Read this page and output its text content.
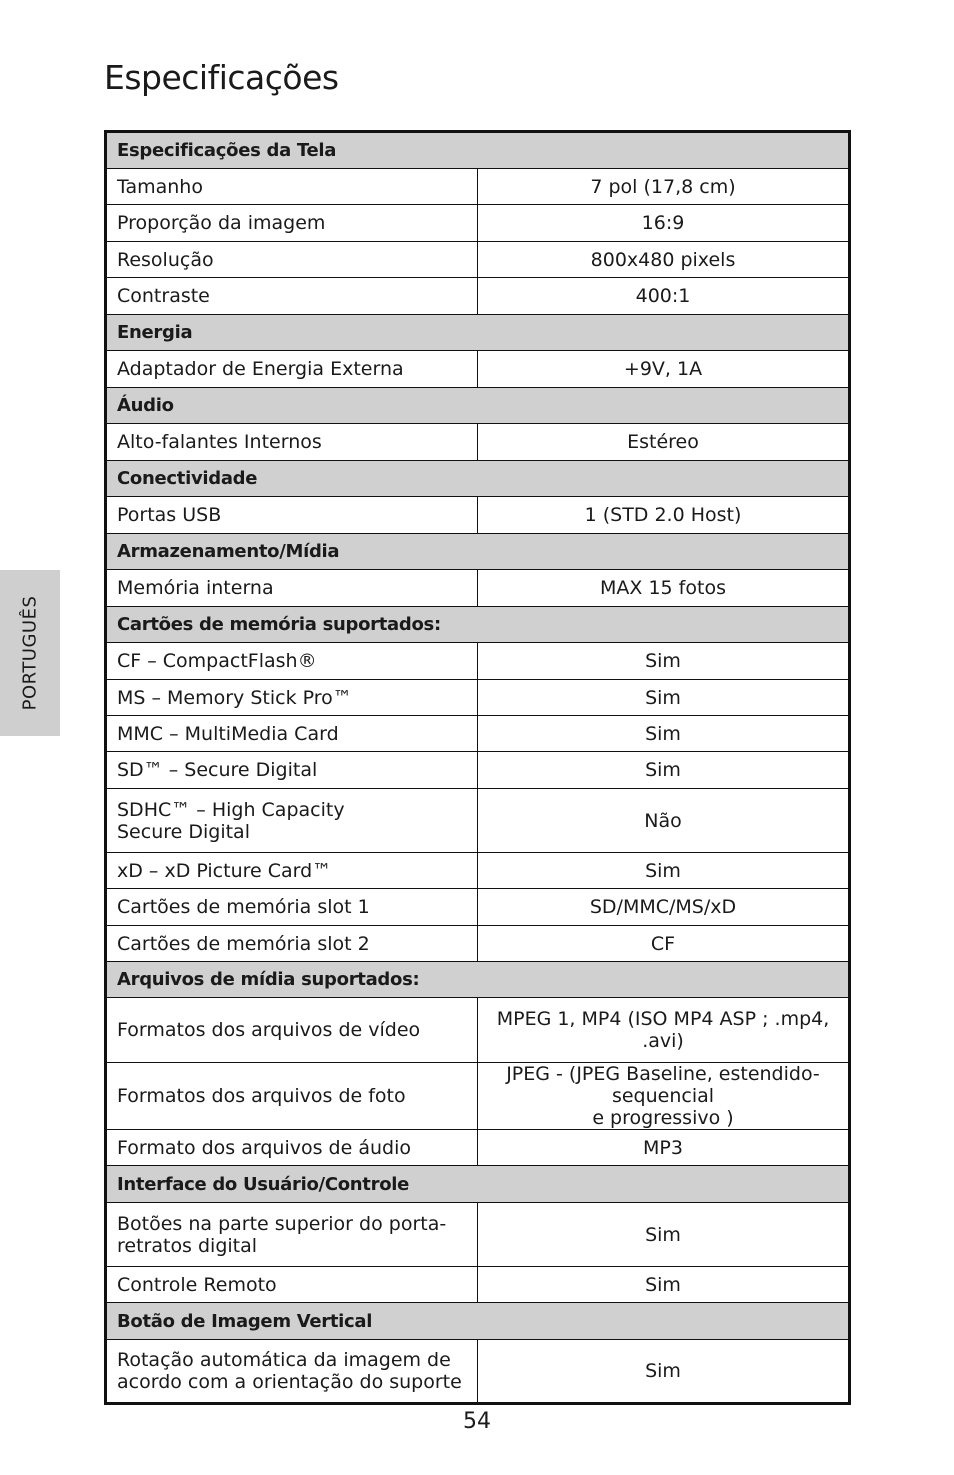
Especificações
PORTUGUÊS
Especificações da Tela	
Tamanho	7 pol (17,8 cm)
Proporção da imagem	16:9
Resolução	800x480 pixels
Contraste	400:1
Energia	
Adaptador de Energia Externa	+9V, 1A
Áudio	
Alto-falantes Internos	Estéreo
Conectividade	
Portas USB	1 (STD 2.0 Host)
Armazenamento/Mídia	
Memória interna	MAX 15 fotos
Cartões de memória suportados:	
CF – CompactFlash®	Sim
MS – Memory Stick Pro™	Sim
MMC – MultiMedia Card	Sim
SD™ – Secure Digital	Sim
SDHC™ – High Capacity
Secure Digital	Não
xD – xD Picture Card™	Sim
Cartões de memória slot 1	SD/MMC/MS/xD
Cartões de memória slot 2	CF
Arquivos de mídia suportados:	
Formatos dos arquivos de vídeo	MPEG 1, MP4 (ISO MP4 ASP ; .mp4, .avi)
Formatos dos arquivos de foto	JPEG - (JPEG Baseline, estendido-sequencial
e progressivo )
Formato dos arquivos de áudio	MP3
Interface do Usuário/Controle	
Botões na parte superior do porta-
retratos digital	Sim
Controle Remoto	Sim
Botão de Imagem Vertical	
Rotação automática da imagem de
acordo com a orientação do suporte	Sim
54
